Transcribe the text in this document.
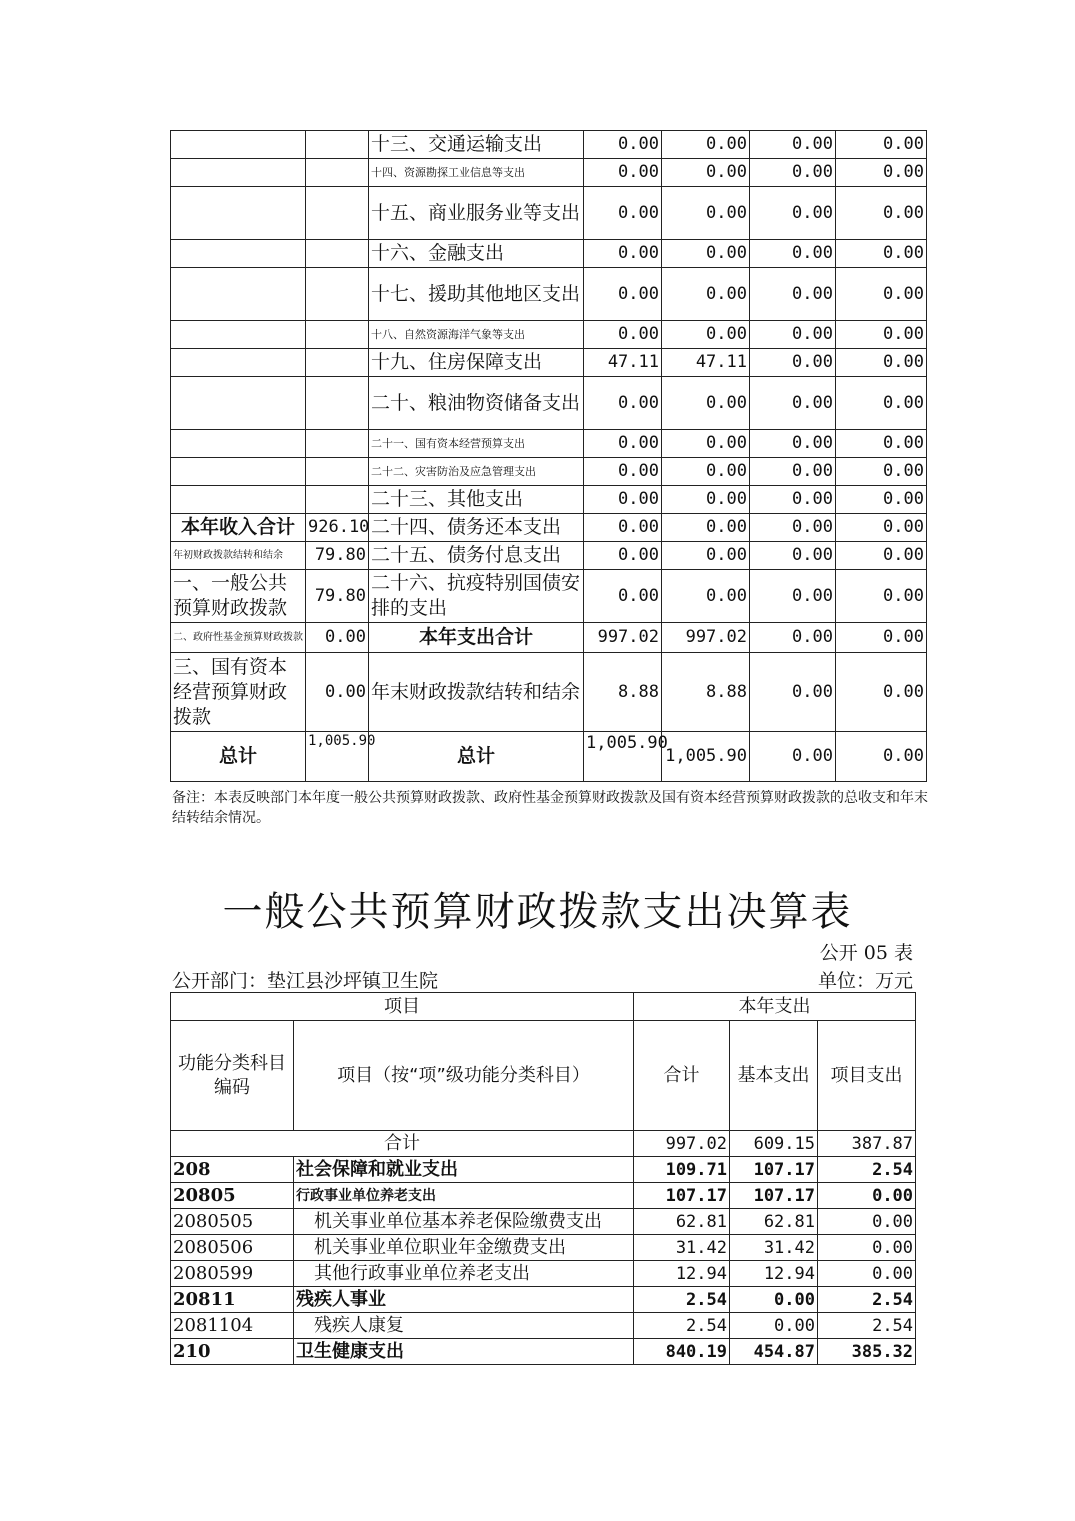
		十三、交通运输支出	0.00	0.00	0.00	0.00
		十四、资源勘探工业信息等支出	0.00	0.00	0.00	0.00
		十五、商业服务业等支出	0.00	0.00	0.00	0.00
		十六、金融支出	0.00	0.00	0.00	0.00
		十七、援助其他地区支出	0.00	0.00	0.00	0.00
		十八、自然资源海洋气象等支出	0.00	0.00	0.00	0.00
		十九、住房保障支出	47.11	47.11	0.00	0.00
		二十、粮油物资储备支出	0.00	0.00	0.00	0.00
		二十一、国有资本经营预算支出	0.00	0.00	0.00	0.00
		二十二、灾害防治及应急管理支出	0.00	0.00	0.00	0.00
		二十三、其他支出	0.00	0.00	0.00	0.00
本年收入合计	926.10	二十四、债务还本支出	0.00	0.00	0.00	0.00
年初财政拨款结转和结余	79.80	二十五、债务付息支出	0.00	0.00	0.00	0.00
一、一般公共预算财政拨款	79.80	二十六、抗疫特别国债安排的支出	0.00	0.00	0.00	0.00
二、政府性基金预算财政拨款	0.00	本年支出合计	997.02	997.02	0.00	0.00
三、国有资本经营预算财政拨款	0.00	年末财政拨款结转和结余	8.88	8.88	0.00	0.00
总计	1,005.90	总计	1,005.90	1,005.90	0.00	0.00
备注：本表反映部门本年度一般公共预算财政拨款、政府性基金预算财政拨款及国有资本经营预算财政拨款的总收支和年末结转结余情况。
一般公共预算财政拨款支出决算表
公开 05 表
公开部门：垫江县沙坪镇卫生院	单位：万元
项目		本年支出		
功能分类科目编码	项目（按“项”级功能分类科目）	合计	基本支出	项目支出
合计		997.02	609.15	387.87
208	社会保障和就业支出	109.71	107.17	2.54
20805	行政事业单位养老支出	107.17	107.17	0.00
2080505	机关事业单位基本养老保险缴费支出	62.81	62.81	0.00
2080506	机关事业单位职业年金缴费支出	31.42	31.42	0.00
2080599	其他行政事业单位养老支出	12.94	12.94	0.00
20811	残疾人事业	2.54	0.00	2.54
2081104	残疾人康复	2.54	0.00	2.54
210	卫生健康支出	840.19	454.87	385.32
